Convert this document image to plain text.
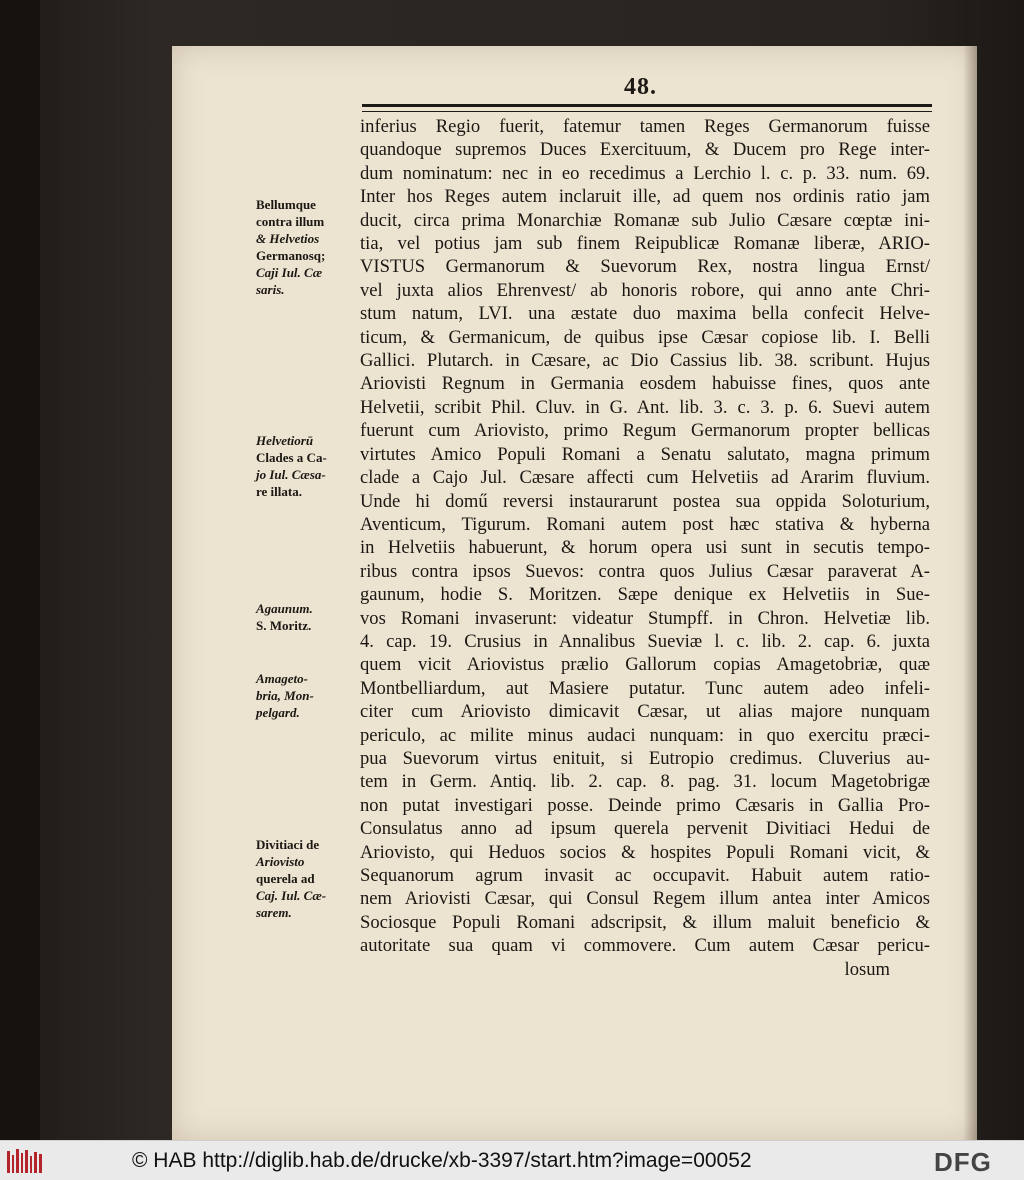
48.
Bellumque
contra illum
& Helvetios
Germanosq;
Caji Iul. Cæ
saris.
Helvetiorū
Clades a Ca-
jo Iul. Cæsa-
re illata.
Agaunum.
S. Moritz.
Amageto-
bria, Mon-
pelgard.
Divitiaci de
Ariovisto
querela ad
Caj. Iul. Cæ-
sarem.
inferius Regio fuerit, fatemur tamen Reges Germanorum fuisse
quandoque supremos Duces Exercituum, & Ducem pro Rege inter-
dum nominatum: nec in eo recedimus a Lerchio l. c. p. 33. num. 69.
Inter hos Reges autem inclaruit ille, ad quem nos ordinis ratio jam
ducit, circa prima Monarchiæ Romanæ sub Julio Cæsare cœptæ ini-
tia, vel potius jam sub finem Reipublicæ Romanæ liberæ, ARIO-
VISTUS Germanorum & Suevorum Rex, nostra lingua Ernst/
vel juxta alios Ehrenvest/ ab honoris robore, qui anno ante Chri-
stum natum, LVI. una æstate duo maxima bella confecit Helve-
ticum, & Germanicum, de quibus ipse Cæsar copiose lib. I. Belli
Gallici. Plutarch. in Cæsare, ac Dio Cassius lib. 38. scribunt. Hujus
Ariovisti Regnum in Germania eosdem habuisse fines, quos ante
Helvetii, scribit Phil. Cluv. in G. Ant. lib. 3. c. 3. p. 6. Suevi autem
fuerunt cum Ariovisto, primo Regum Germanorum propter bellicas
virtutes Amico Populi Romani a Senatu salutato, magna primum
clade a Cajo Jul. Cæsare affecti cum Helvetiis ad Ararim fluvium.
Unde hi domű reversi instaurarunt postea sua oppida Soloturium,
Aventicum, Tigurum. Romani autem post hæc stativa & hyberna
in Helvetiis habuerunt, & horum opera usi sunt in secutis tempo-
ribus contra ipsos Suevos: contra quos Julius Cæsar paraverat A-
gaunum, hodie S. Moritzen. Sæpe denique ex Helvetiis in Sue-
vos Romani invaserunt: videatur Stumpff. in Chron. Helvetiæ lib.
4. cap. 19. Crusius in Annalibus Sueviæ l. c. lib. 2. cap. 6. juxta
quem vicit Ariovistus prælio Gallorum copias Amagetobriæ, quæ
Montbelliardum, aut Masiere putatur. Tunc autem adeo infeli-
citer cum Ariovisto dimicavit Cæsar, ut alias majore nunquam
periculo, ac milite minus audaci nunquam: in quo exercitu præci-
pua Suevorum virtus enituit, si Eutropio credimus. Cluverius au-
tem in Germ. Antiq. lib. 2. cap. 8. pag. 31. locum Magetobrigæ
non putat investigari posse. Deinde primo Cæsaris in Gallia Pro-
Consulatus anno ad ipsum querela pervenit Divitiaci Hedui de
Ariovisto, qui Heduos socios & hospites Populi Romani vicit, &
Sequanorum agrum invasit ac occupavit. Habuit autem ratio-
nem Ariovisti Cæsar, qui Consul Regem illum antea inter Amicos
Sociosque Populi Romani adscripsit, & illum maluit beneficio &
autoritate sua quam vi commovere. Cum autem Cæsar pericu-
losum
© HAB http://diglib.hab.de/drucke/xb-3397/start.htm?image=00052	DFG
